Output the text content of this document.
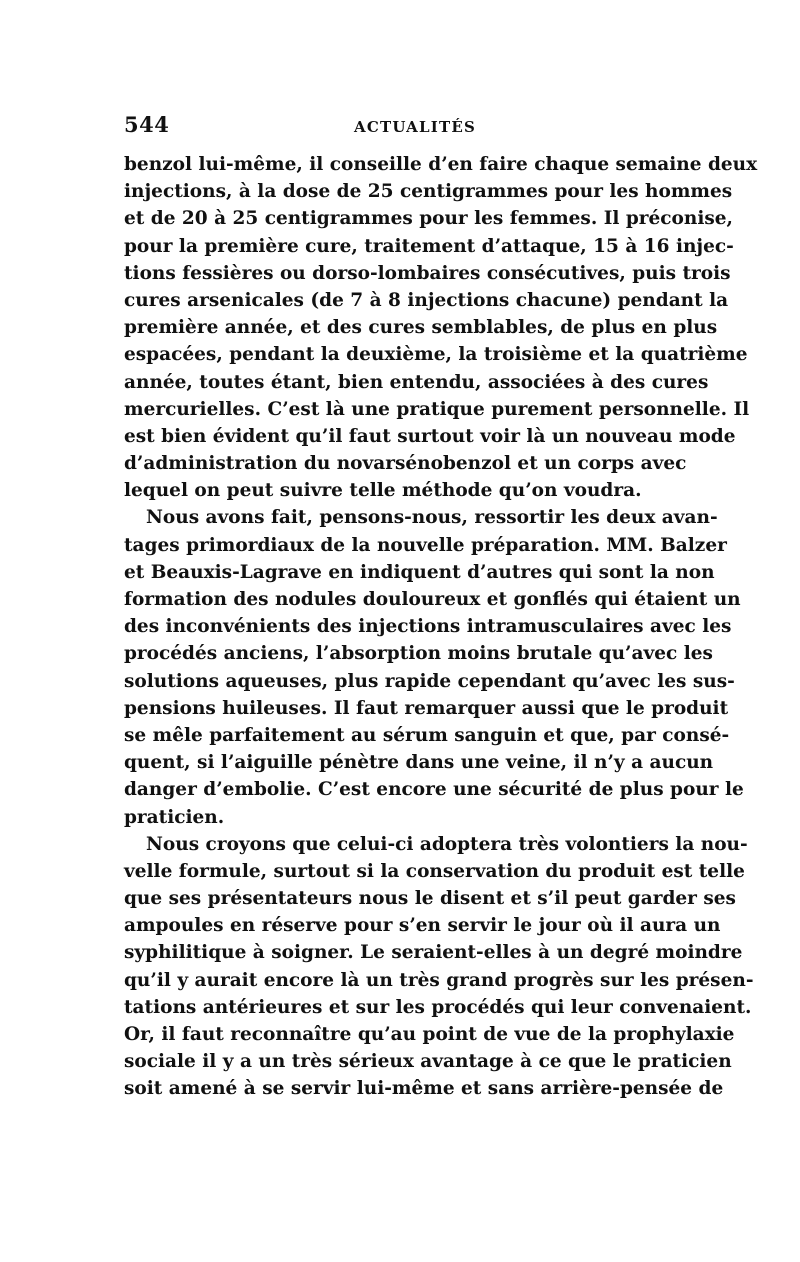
544	ACTUALITÉS
benzol lui-même, il conseille d’en faire chaque semaine deux
injections, à la dose de 25 centigrammes pour les hommes
et de 20 à 25 centigrammes pour les femmes. Il préconise,
pour la première cure, traitement d’attaque, 15 à 16 injec-
tions fessières ou dorso-lombaires consécutives, puis trois
cures arsenicales (de 7 à 8 injections chacune) pendant la
première année, et des cures semblables, de plus en plus
espacées, pendant la deuxième, la troisième et la quatrième
année, toutes étant, bien entendu, associées à des cures
mercurielles. C’est là une pratique purement personnelle. Il
est bien évident qu’il faut surtout voir là un nouveau mode
d’administration du novarsénobenzol et un corps avec
lequel on peut suivre telle méthode qu’on voudra.
Nous avons fait, pensons-nous, ressortir les deux avan-
tages primordiaux de la nouvelle préparation. MM. Balzer
et Beauxis-Lagrave en indiquent d’autres qui sont la non
formation des nodules douloureux et gonflés qui étaient un
des inconvénients des injections intramusculaires avec les
procédés anciens, l’absorption moins brutale qu’avec les
solutions aqueuses, plus rapide cependant qu’avec les sus-
pensions huileuses. Il faut remarquer aussi que le produit
se mêle parfaitement au sérum sanguin et que, par consé-
quent, si l’aiguille pénètre dans une veine, il n’y a aucun
danger d’embolie. C’est encore une sécurité de plus pour le
praticien.
Nous croyons que celui-ci adoptera très volontiers la nou-
velle formule, surtout si la conservation du produit est telle
que ses présentateurs nous le disent et s’il peut garder ses
ampoules en réserve pour s’en servir le jour où il aura un
syphilitique à soigner. Le seraient-elles à un degré moindre
qu’il y aurait encore là un très grand progrès sur les présen-
tations antérieures et sur les procédés qui leur convenaient.
Or, il faut reconnaître qu’au point de vue de la prophylaxie
sociale il y a un très sérieux avantage à ce que le praticien
soit amené à se servir lui-même et sans arrière-pensée de
